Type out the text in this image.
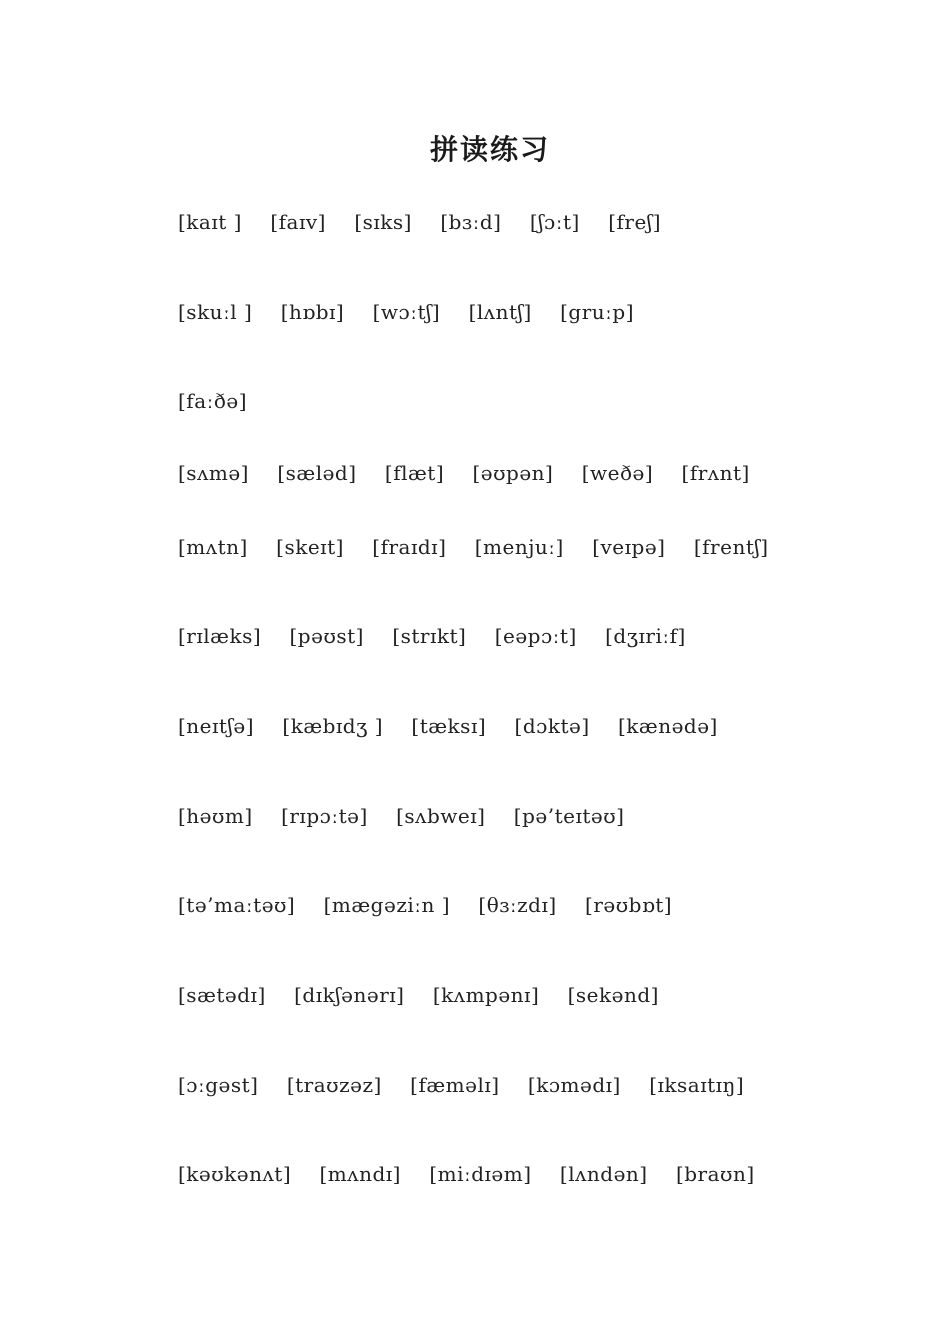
拼读练习
[kaɪt ] [faɪv] [sɪks] [bɜːd] [ʃɔːt] [freʃ]
[skuːl ] [hɒbɪ] [wɔːtʃ] [lʌntʃ] [gruːp]
[faːðə]
[sʌmə] [sæləd] [flæt] [əʊpən] [weðə] [frʌnt]
[mʌtn] [skeɪt] [fraɪdɪ] [menjuː] [veɪpə] [frentʃ]
[rɪlæks] [pəʊst] [strɪkt] [eəpɔːt] [dʒɪriːf]
[neɪtʃə] [kæbɪdʒ ] [tæksɪ] [dɔktə] [kænədə]
[həʊm] [rɪpɔːtə] [sʌbweɪ] [pə’teɪtəʊ]
[tə’maːtəʊ] [mægəziːn ] [θɜːzdɪ] [rəʊbɒt]
[sætədɪ] [dɪkʃənərɪ] [kʌmpənɪ] [sekənd]
[ɔːgəst] [traʊzəz] [fæməlɪ] [kɔmədɪ] [ɪksaɪtɪŋ]
[kəʊkənʌt] [mʌndɪ] [miːdɪəm] [lʌndən] [braʊn]
